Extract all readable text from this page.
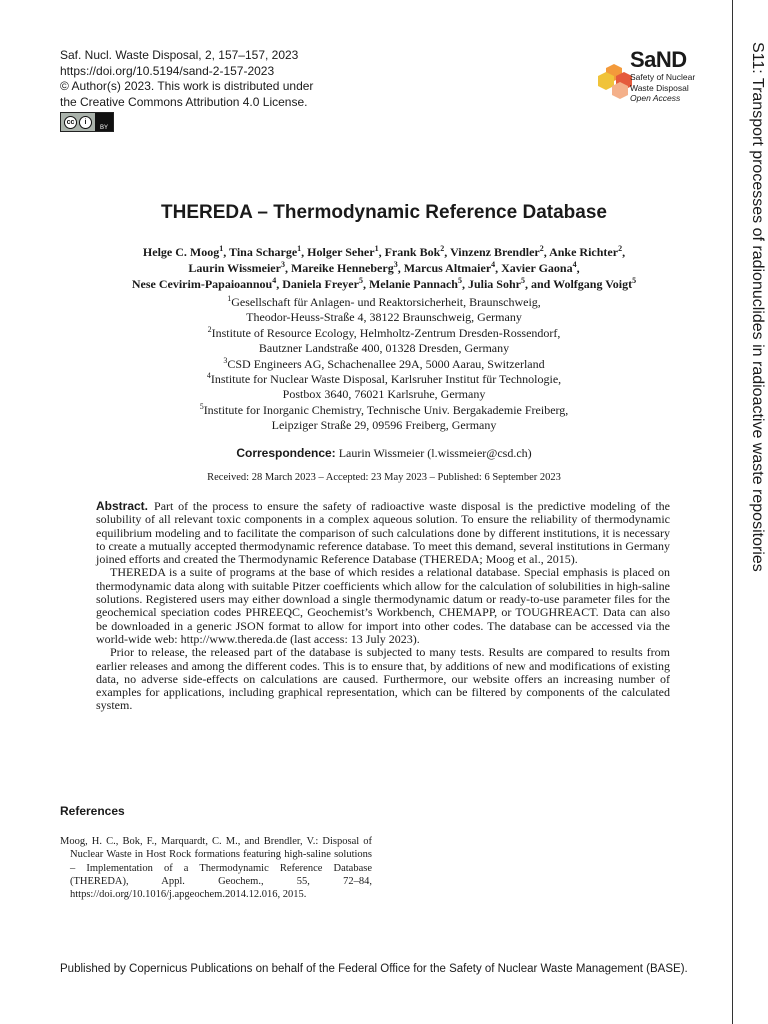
Saf. Nucl. Waste Disposal, 2, 157–157, 2023
https://doi.org/10.5194/sand-2-157-2023
© Author(s) 2023. This work is distributed under
the Creative Commons Attribution 4.0 License.
cc	i
BY
SaND
Safety of Nuclear
Waste Disposal
Open Access	S11: Transport processes of radionuclides in radioactive waste repositories
THEREDA – Thermodynamic Reference Database
Helge C. Moog$^1$, Tina Scharge$^1$, Holger Seher$^1$, Frank Bok$^2$, Vinzenz Brendler$^2$, Anke Richter$^2$,
Laurin Wissmeier$^3$, Mareike Henneberg$^3$, Marcus Altmaier$^4$, Xavier Gaona$^4$,
Nese Cevirim-Papaioannou$^4$, Daniela Freyer$^5$, Melanie Pannach$^5$, Julia Sohr$^5$, and Wolfgang Voigt$^5$
$^1$Gesellschaft für Anlagen- und Reaktorsicherheit, Braunschweig,
Theodor-Heuss-Straße 4, 38122 Braunschweig, Germany
$^2$Institute of Resource Ecology, Helmholtz-Zentrum Dresden-Rossendorf,
Bautzner Landstraße 400, 01328 Dresden, Germany
$^3$CSD Engineers AG, Schachenallee 29A, 5000 Aarau, Switzerland
$^4$Institute for Nuclear Waste Disposal, Karlsruher Institut für Technologie,
Postbox 3640, 76021 Karlsruhe, Germany
$^5$Institute for Inorganic Chemistry, Technische Univ. Bergakademie Freiberg,
Leipziger Straße 29, 09596 Freiberg, Germany
Correspondence: Laurin Wissmeier (l.wissmeier@csd.ch)
Received: 28 March 2023 – Accepted: 23 May 2023 – Published: 6 September 2023

Abstract. Part of the process to ensure the safety of radioactive waste disposal is the predictive modeling of the solubility of all relevant toxic components in a complex aqueous solution. To ensure the reliability of thermodynamic equilibrium modeling and to facilitate the comparison of such calculations done by different institutions, it is necessary to create a mutually accepted thermodynamic reference database. To meet this demand, several institutions in Germany joined efforts and created the Thermodynamic Reference Database (THEREDA; Moog et al., 2015).

THEREDA is a suite of programs at the base of which resides a relational database. Special emphasis is placed on thermodynamic data along with suitable Pitzer coefficients which allow for the calculation of solubilities in high-saline solutions. Registered users may either download a single thermodynamic datum or ready-to-use parameter files for the geochemical speciation codes PHREEQC, Geochemist’s Workbench, CHEMAPP, or TOUGHREACT. Data can also be downloaded in a generic JSON format to allow for import into other codes. The database can be accessed via the world-wide web: http://www.thereda.de (last access: 13 July 2023).

Prior to release, the released part of the database is subjected to many tests. Results are compared to results from earlier releases and among the different codes. This is to ensure that, by additions of new and modifications of existing data, no adverse side-effects on calculations are caused. Furthermore, our website offers an increasing number of examples for applications, including graphical representation, which can be filtered by components of the calculated system.

References
Moog, H. C., Bok, F., Marquardt, C. M., and Brendler, V.: Disposal of Nuclear Waste in Host Rock formations featuring high-saline solutions – Implementation of a Thermodynamic Reference Database (THEREDA), Appl. Geochem., 55, 72–84, https://doi.org/10.1016/j.apgeochem.2014.12.016, 2015.
Published by Copernicus Publications on behalf of the Federal Office for the Safety of Nuclear Waste Management (BASE).
